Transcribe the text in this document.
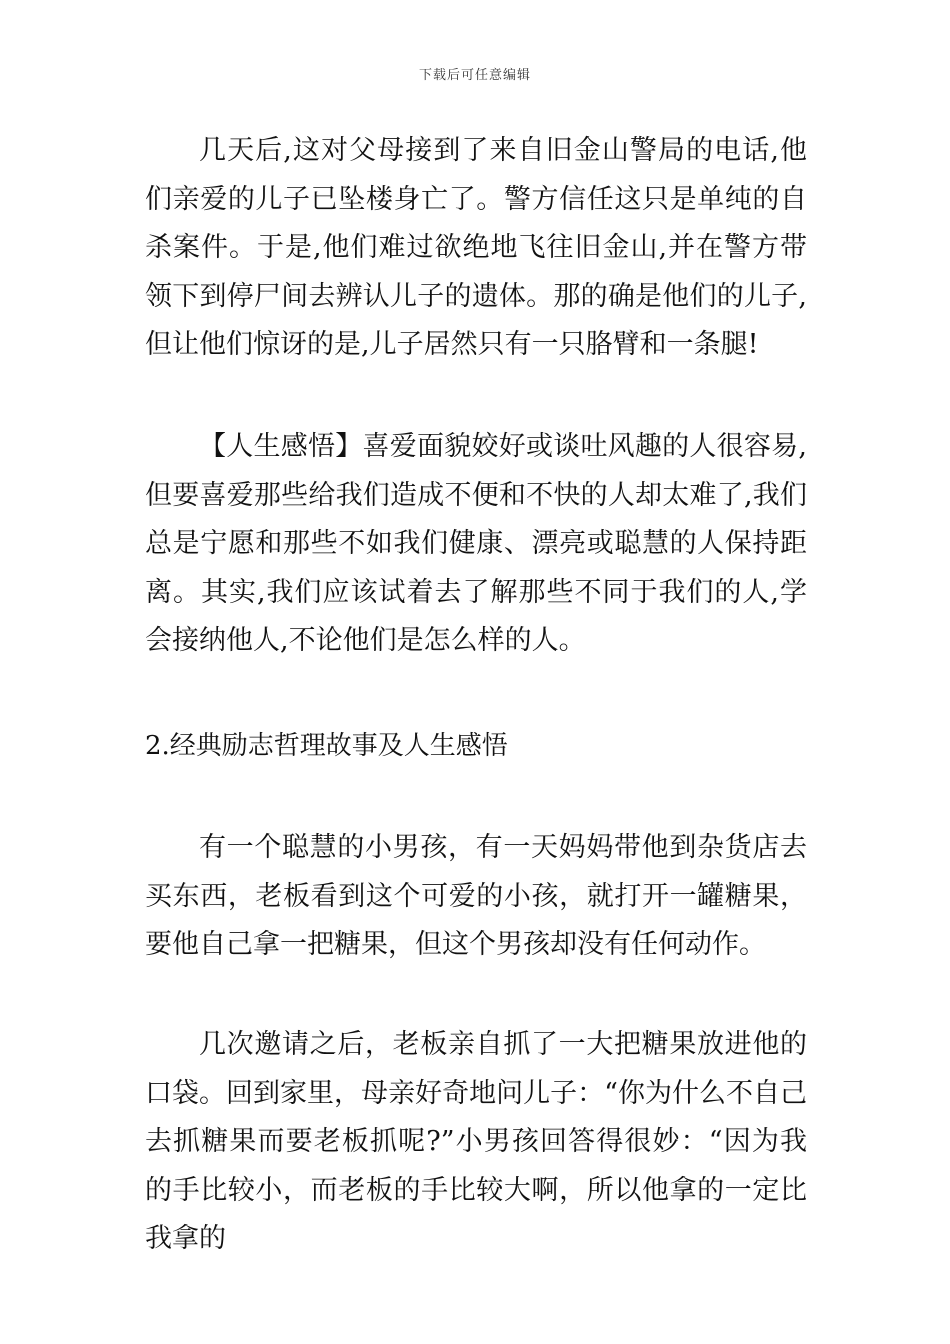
下载后可任意编辑

几天后,这对父母接到了来自旧金山警局的电话,他们亲爱的儿子已坠楼身亡了。警方信任这只是单纯的自 杀案件。于是,他们难过欲绝地飞往旧金山,并在警方带领下到停尸间去辨认儿子的遗体。那的确是他们的儿子,但让他们惊讶的是,儿子居然只有一只胳臂和一条腿!

【人生感悟】喜爱面貌姣好或谈吐风趣的人很容易,但要喜爱那些给我们造成不便和不快的人却太难了,我们总是宁愿和那些不如我们健康、漂亮或聪慧的人保持距离。其实,我们应该试着去了解那些不同于我们的人,学会接纳他人,不论他们是怎么样的人。

2.经典励志哲理故事及人生感悟

有一个聪慧的小男孩，有一天妈妈带他到杂货店去买东西，老板看到这个可爱的小孩，就打开一罐糖果，要他自己拿一把糖果，但这个男孩却没有任何动作。

几次邀请之后，老板亲自抓了一大把糖果放进他的口袋。回到家里，母亲好奇地问儿子：“你为什么不自己去抓糖果而要老板抓呢?”小男孩回答得很妙：“因为我的手比较小，而老板的手比较大啊，所以他拿的一定比我拿的
